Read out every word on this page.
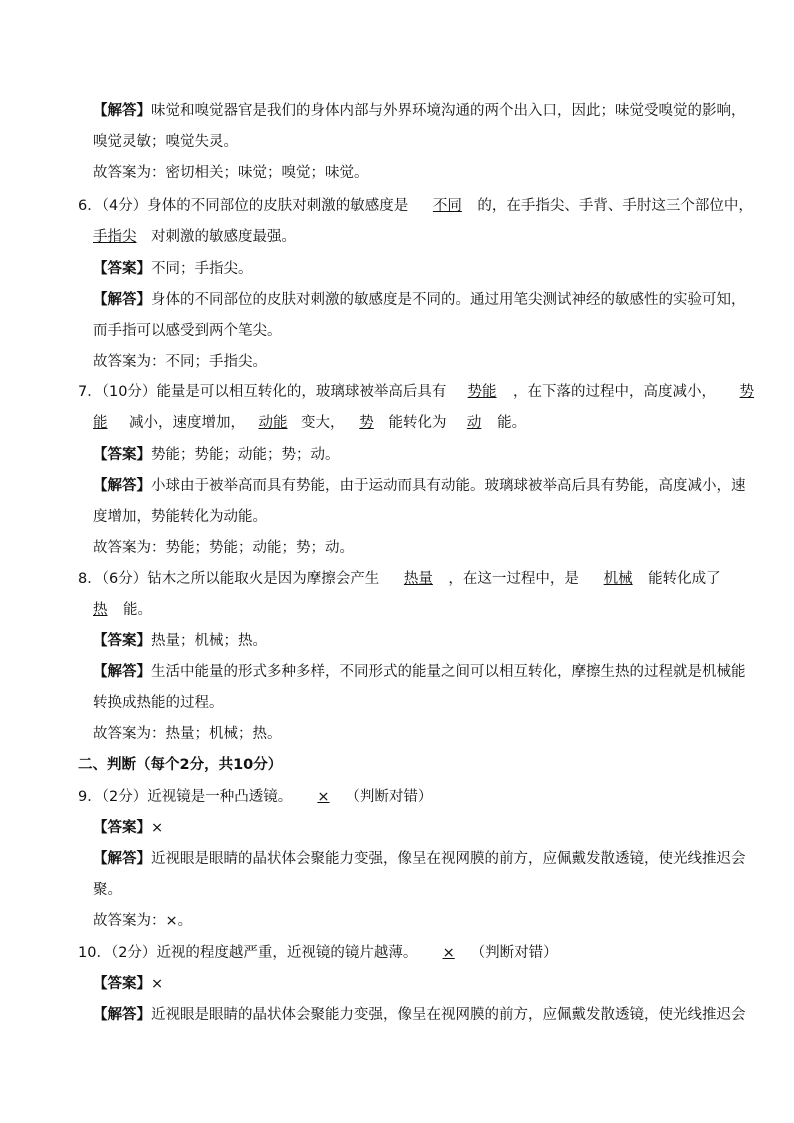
【解答】味觉和嗅觉器官是我们的身体内部与外界环境沟通的两个出入口，因此；味觉受嗅觉的影响，
嗅觉灵敏；嗅觉失灵。
故答案为：密切相关；味觉；嗅觉；味觉。
6．（4分）身体的不同部位的皮肤对刺激的敏感度是 不同 的，在手指尖、手背、手肘这三个部位中，
手指尖 对刺激的敏感度最强。
【答案】不同；手指尖。
【解答】身体的不同部位的皮肤对刺激的敏感度是不同的。通过用笔尖测试神经的敏感性的实验可知，
而手指可以感受到两个笔尖。
故答案为：不同；手指尖。
7．（10分）能量是可以相互转化的，玻璃球被举高后具有 势能 ，在下落的过程中，高度减小， 势
能 减小，速度增加， 动能 变大， 势 能转化为 动 能。
【答案】势能；势能；动能；势；动。
【解答】小球由于被举高而具有势能，由于运动而具有动能。玻璃球被举高后具有势能，高度减小，速
度增加，势能转化为动能。
故答案为：势能；势能；动能；势；动。
8．（6分）钻木之所以能取火是因为摩擦会产生 热量 ，在这一过程中，是 机械 能转化成了
热 能。
【答案】热量；机械；热。
【解答】生活中能量的形式多种多样，不同形式的能量之间可以相互转化，摩擦生热的过程就是机械能
转换成热能的过程。
故答案为：热量；机械；热。
二、判断（每个2分，共10分）
9．（2分）近视镜是一种凸透镜。 × （判断对错）
【答案】×
【解答】近视眼是眼睛的晶状体会聚能力变强，像呈在视网膜的前方，应佩戴发散透镜，使光线推迟会
聚。
故答案为：×。
10．（2分）近视的程度越严重，近视镜的镜片越薄。 × （判断对错）
【答案】×
【解答】近视眼是眼睛的晶状体会聚能力变强，像呈在视网膜的前方，应佩戴发散透镜，使光线推迟会
